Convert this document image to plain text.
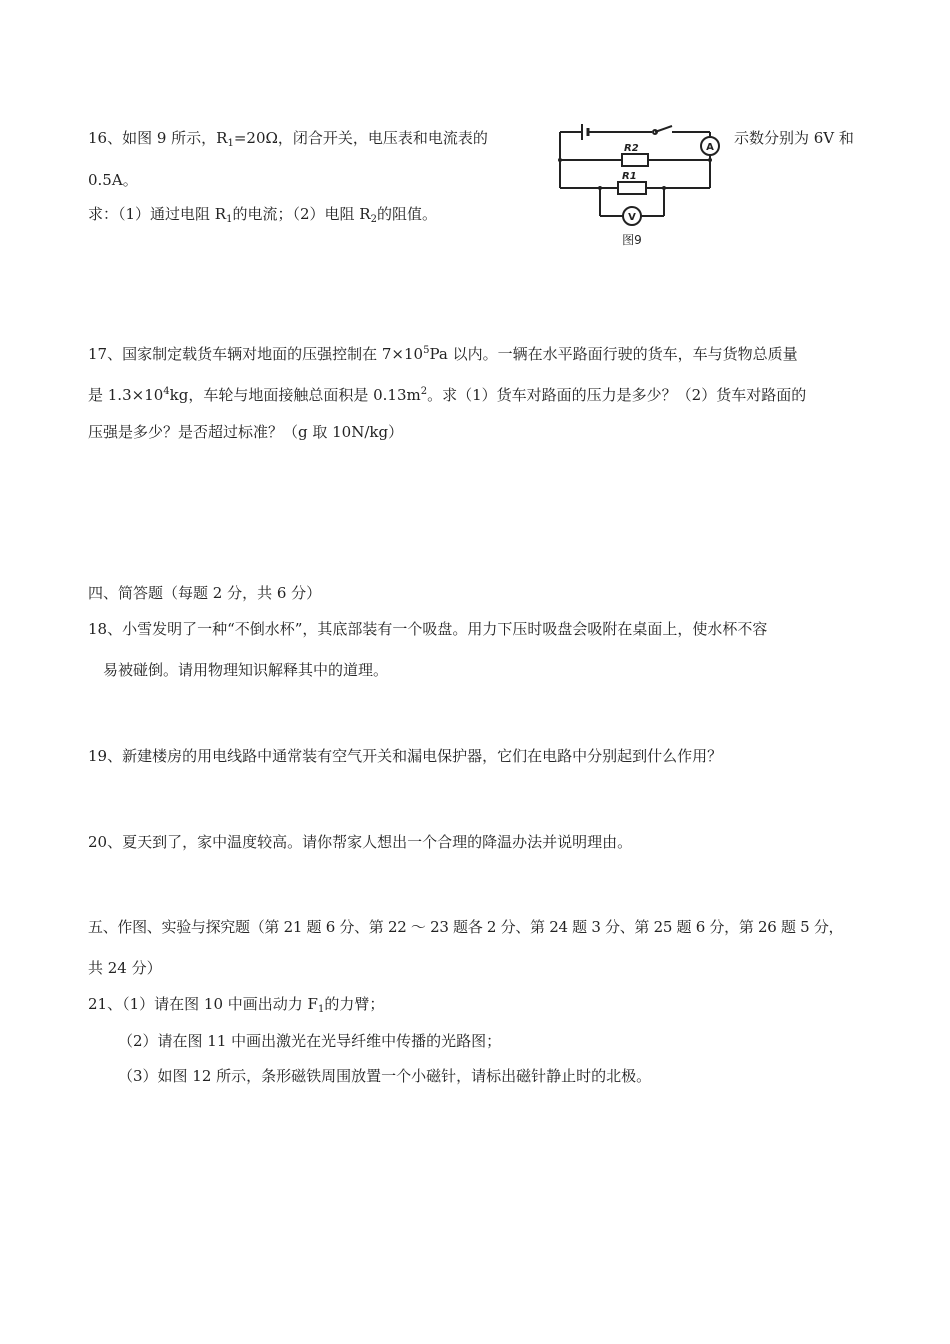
16、如图 9 所示，$R_1=20\Omega$，闭合开关，电压表和电流表的	示数分别为 6V 和
0.5A。
求：（1）通过电阻 $R_1$的电流；（2）电阻 $R_2$的阻值。
R2
R1
A
V
图9
17、国家制定载货车辆对地面的压强控制在 $7\times 10^5Pa$ 以内。一辆在水平路面行驶的货车，车与货物总质量
是 $1.3\times 10^4kg$，车轮与地面接触总面积是 $0.13m^2$。求（1）货车对路面的压力是多少？（2）货车对路面的
压强是多少？是否超过标准？（g 取 10N/kg）
四、简答题（每题 2 分，共 6 分）
18、小雪发明了一种“不倒水杯”，其底部装有一个吸盘。用力下压时吸盘会吸附在桌面上，使水杯不容
易被碰倒。请用物理知识解释其中的道理。
19、新建楼房的用电线路中通常装有空气开关和漏电保护器，它们在电路中分别起到什么作用？
20、夏天到了，家中温度较高。请你帮家人想出一个合理的降温办法并说明理由。
五、作图、实验与探究题（第 21 题 6 分、第 22 ～ 23 题各 2 分、第 24 题 3 分、第 25 题 6 分，第 26 题 5 分，
共 24 分）
21、（1）请在图 10 中画出动力 $F_1$的力臂；
（2）请在图 11 中画出激光在光导纤维中传播的光路图；
（3）如图 12 所示，条形磁铁周围放置一个小磁针，请标出磁针静止时的北极。
